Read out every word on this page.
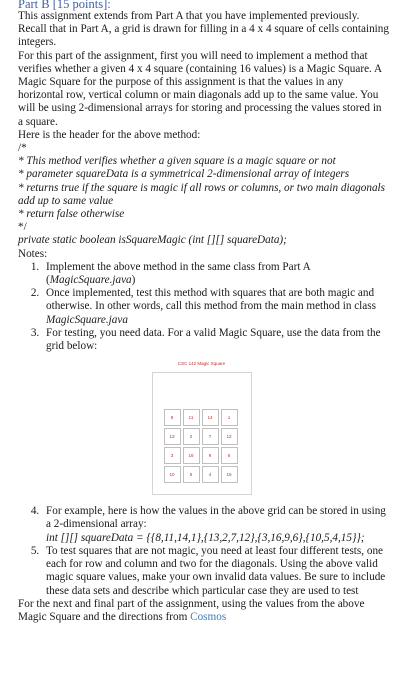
Part B [15 points]:

This assignment extends from Part A that you have implemented previously. Recall that in Part A, a grid is drawn for filling in a 4 x 4 square of cells containing integers.

For this part of the assignment, first you will need to implement a method that verifies whether a given 4 x 4 square (containing 16 values) is a Magic Square. A Magic Square for the purpose of this assignment is that the values in any horizontal row, vertical column or main diagonals add up to the same value. You will be using 2-dimensional arrays for storing and processing the values stored in a square.

Here is the header for the above method:

/*

* This method verifies whether a given square is a magic square or not

* parameter squareData is a symmetrical 2-dimensional array of integers

* returns true if the square is magic if all rows or columns, or two main diagonals add up to same value

* return false otherwise

*/

private static boolean isSquareMagic (int [][] squareData);

Notes:

1. Implement the above method in the same class from Part A (MagicSquare.java)
2. Once implemented, test this method with squares that are both magic and otherwise. In other words, call this method from the main method in class MagicSquare.java
3. For testing, you need data. For a valid Magic Square, use the data from the grid below:
CSC 142 Magic Square
8	11	14	1
13	2	7	12
3	16	9	6
10	5	4	15
4. For example, here is how the values in the above grid can be stored in using a 2-dimensional array:
int [][] squareData = {{8,11,14,1},{13,2,7,12},{3,16,9,6},{10,5,4,15}};
5. To test squares that are not magic, you need at least four different tests, one each for row and column and two for the diagonals. Using the above valid magic square values, make your own invalid data values. Be sure to include these data sets and describe which particular case they are used to test

For the next and final part of the assignment, using the values from the above Magic Square and the directions from Cosmos
